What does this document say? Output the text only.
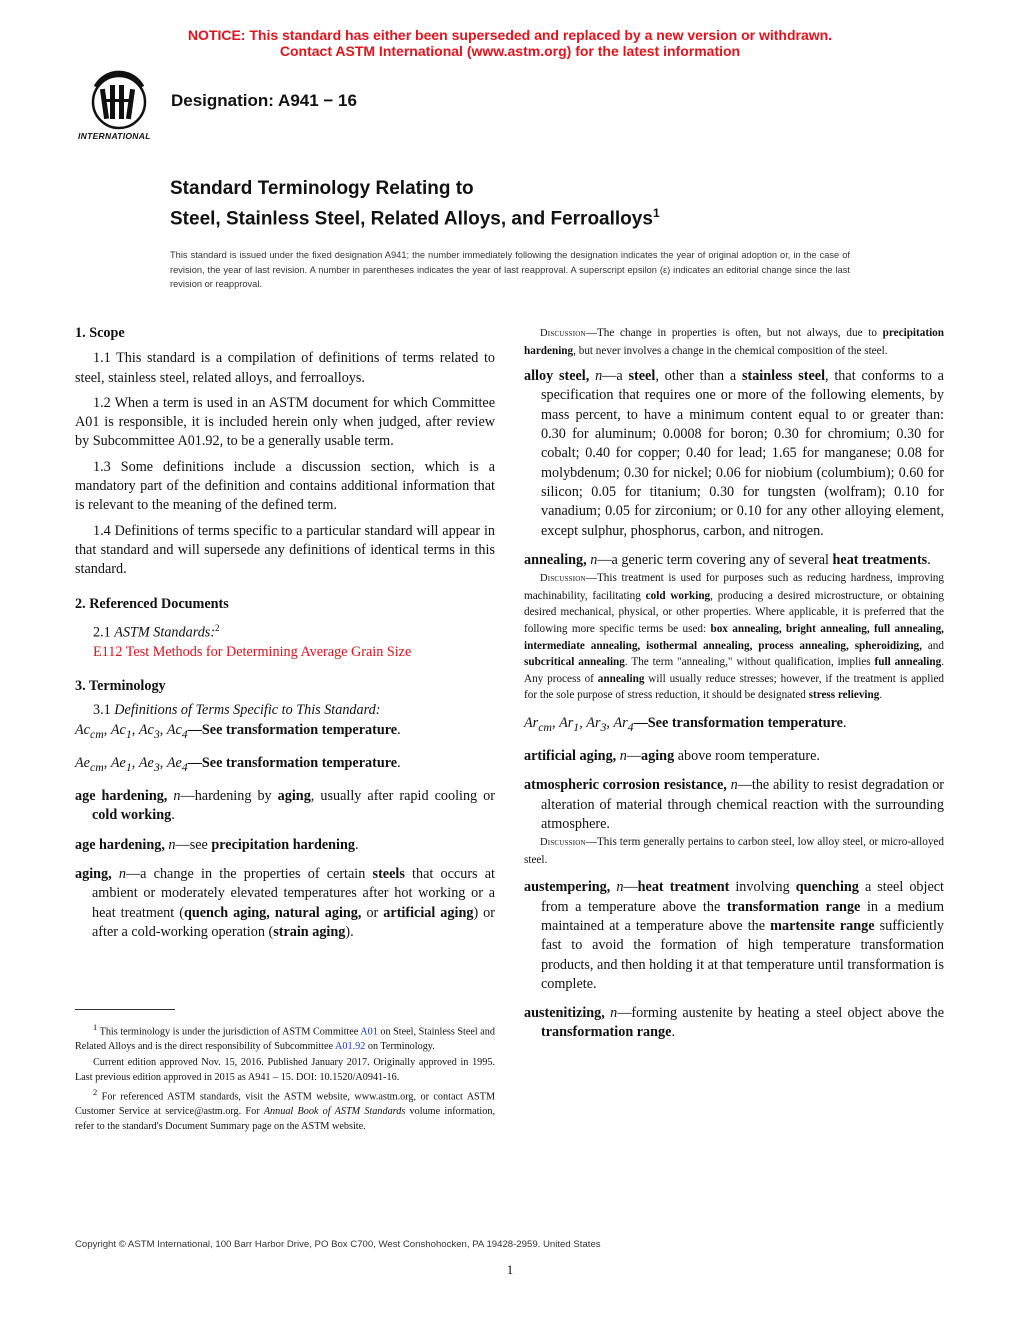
NOTICE: This standard has either been superseded and replaced by a new version or withdrawn.
Contact ASTM International (www.astm.org) for the latest information
INTERNATIONAL
Designation: A941 − 16
Standard Terminology Relating to
Steel, Stainless Steel, Related Alloys, and Ferroalloys$^1$
This standard is issued under the fixed designation A941; the number immediately following the designation indicates the year of original adoption or, in the case of revision, the year of last revision. A number in parentheses indicates the year of last reapproval. A superscript epsilon (ε) indicates an editorial change since the last revision or reapproval.

1. Scope

1.1 This standard is a compilation of definitions of terms related to steel, stainless steel, related alloys, and ferroalloys.

1.2 When a term is used in an ASTM document for which Committee A01 is responsible, it is included herein only when judged, after review by Subcommittee A01.92, to be a generally usable term.

1.3 Some definitions include a discussion section, which is a mandatory part of the definition and contains additional information that is relevant to the meaning of the defined term.

1.4 Definitions of terms specific to a particular standard will appear in that standard and will supersede any definitions of identical terms in this standard.

2. Referenced Documents

2.1 ASTM Standards:$^2$

E112 Test Methods for Determining Average Grain Size

3. Terminology

3.1 Definitions of Terms Specific to This Standard:

$Ac_{cm}$, $Ac_1$, $Ac_3$, $Ac_4—See$ transformation temperature.

$Ae_{cm}$, $Ae_1$, $Ae_3$, $Ae_4—See$ transformation temperature.

age hardening, n—hardening by aging, usually after rapid cooling or cold working.

age hardening, n—see precipitation hardening.

aging, n—a change in the properties of certain steels that occurs at ambient or moderately elevated temperatures after hot working or a heat treatment (quench aging, natural aging, or artificial aging) or after a cold-working operation (strain aging).

$^1$ This terminology is under the jurisdiction of ASTM Committee A01 on Steel, Stainless Steel and Related Alloys and is the direct responsibility of Subcommittee A01.92 on Terminology.

Current edition approved Nov. 15, 2016. Published January 2017. Originally approved in 1995. Last previous edition approved in 2015 as A941 – 15. DOI: 10.1520/A0941-16.

$^2$ For referenced ASTM standards, visit the ASTM website, www.astm.org, or contact ASTM Customer Service at service@astm.org. For Annual Book of ASTM Standards volume information, refer to the standard's Document Summary page on the ASTM website.

Discussion—The change in properties is often, but not always, due to precipitation hardening, but never involves a change in the chemical composition of the steel.

alloy steel, n—a steel, other than a stainless steel, that conforms to a specification that requires one or more of the following elements, by mass percent, to have a minimum content equal to or greater than: 0.30 for aluminum; 0.0008 for boron; 0.30 for chromium; 0.30 for cobalt; 0.40 for copper; 0.40 for lead; 1.65 for manganese; 0.08 for molybdenum; 0.30 for nickel; 0.06 for niobium (columbium); 0.60 for silicon; 0.05 for titanium; 0.30 for tungsten (wolfram); 0.10 for vanadium; 0.05 for zirconium; or 0.10 for any other alloying element, except sulphur, phosphorus, carbon, and nitrogen.

annealing, n—a generic term covering any of several heat treatments.

Discussion—This treatment is used for purposes such as reducing hardness, improving machinability, facilitating cold working, producing a desired microstructure, or obtaining desired mechanical, physical, or other properties. Where applicable, it is preferred that the following more specific terms be used: box annealing, bright annealing, full annealing, intermediate annealing, isothermal annealing, process annealing, spheroidizing, and subcritical annealing. The term "annealing," without qualification, implies full annealing. Any process of annealing will usually reduce stresses; however, if the treatment is applied for the sole purpose of stress reduction, it should be designated stress relieving.

$Ar_{cm}$, $Ar_1$, $Ar_3$, $Ar_4—See$ transformation temperature.

artificial aging, n—aging above room temperature.

atmospheric corrosion resistance, n—the ability to resist degradation or alteration of material through chemical reaction with the surrounding atmosphere.

Discussion—This term generally pertains to carbon steel, low alloy steel, or micro-alloyed steel.

austempering, n—heat treatment involving quenching a steel object from a temperature above the transformation range in a medium maintained at a temperature above the martensite range sufficiently fast to avoid the formation of high temperature transformation products, and then holding it at that temperature until transformation is complete.

austenitizing, n—forming austenite by heating a steel object above the transformation range.

Copyright © ASTM International, 100 Barr Harbor Drive, PO Box C700, West Conshohocken, PA 19428-2959. United States
1
